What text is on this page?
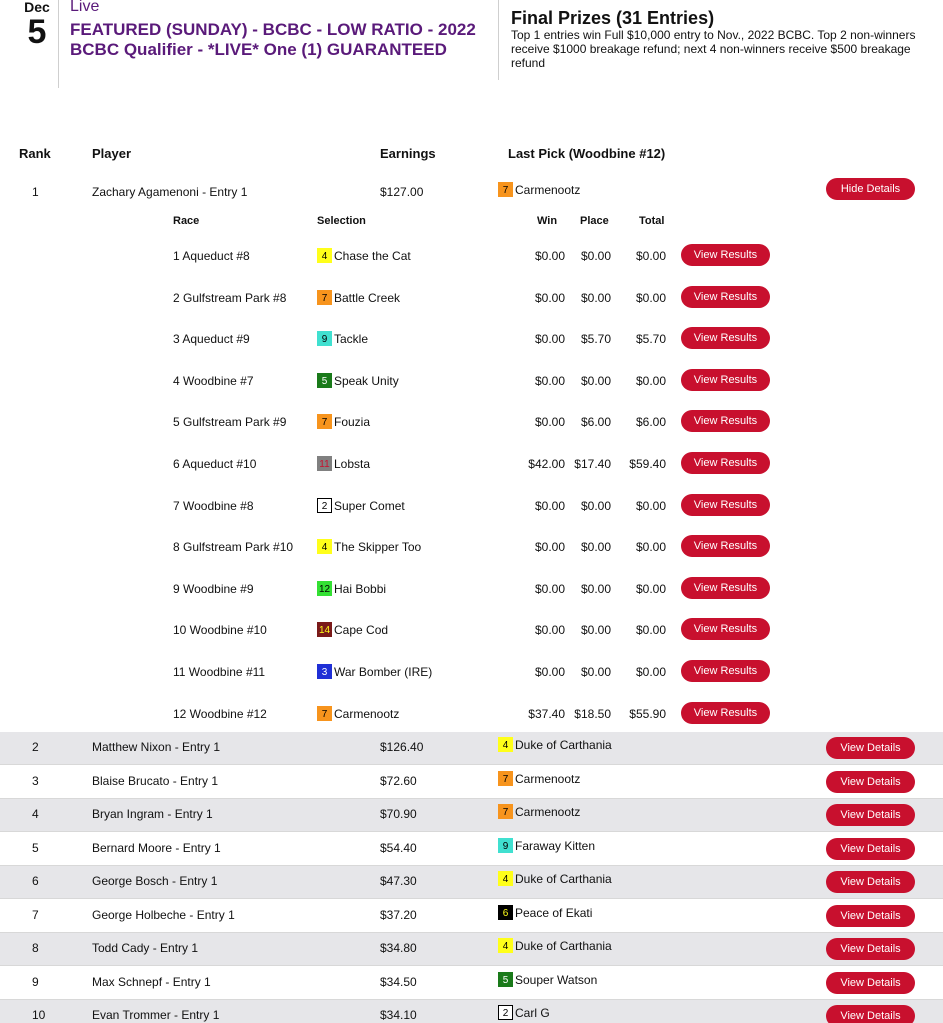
Dec
5
Live
FEATURED (SUNDAY) - BCBC - LOW RATIO - 2022 BCBC Qualifier - *LIVE* One (1) GUARANTEED
Final Prizes (31 Entries)
Top 1 entries win Full $10,000 entry to Nov., 2022 BCBC. Top 2 non-winners receive $1000 breakage refund; next 4 non-winners receive $500 breakage refund
Rank	Player	Earnings	Last Pick (Woodbine #12)
1	Zachary Agamenoni - Entry 1	$127.00	7 Carmenootz	Hide Details
Race	Selection	Win Place	Total
1 Aqueduct #8	4 Chase the Cat	$0.00	$0.00	$0.00	View Results
2 Gulfstream Park #8	7 Battle Creek	$0.00	$0.00	$0.00	View Results
3 Aqueduct #9	9 Tackle	$0.00	$5.70	$5.70	View Results
4 Woodbine #7	5 Speak Unity	$0.00	$0.00	$0.00	View Results
5 Gulfstream Park #9	7 Fouzia	$0.00	$6.00	$6.00	View Results
6 Aqueduct #10	11 Lobsta	$42.00 $17.40	$59.40	View Results
7 Woodbine #8	2 Super Comet	$0.00	$0.00	$0.00	View Results
8 Gulfstream Park #10	4 The Skipper Too	$0.00	$0.00	$0.00	View Results
9 Woodbine #9	12 Hai Bobbi	$0.00	$0.00	$0.00	View Results
10 Woodbine #10	14 Cape Cod	$0.00	$0.00	$0.00	View Results
11 Woodbine #11	3 War Bomber (IRE)	$0.00	$0.00	$0.00	View Results
12 Woodbine #12	7 Carmenootz	$37.40 $18.50	$55.90	View Results
2	Matthew Nixon - Entry 1	$126.40	4 Duke of Carthania	View Details
3	Blaise Brucato - Entry 1	$72.60	7 Carmenootz	View Details
4	Bryan Ingram - Entry 1	$70.90	7 Carmenootz	View Details
5	Bernard Moore - Entry 1	$54.40	9 Faraway Kitten	View Details
6	George Bosch - Entry 1	$47.30	4 Duke of Carthania	View Details
7	George Holbeche - Entry 1	$37.20	6 Peace of Ekati	View Details
8	Todd Cady - Entry 1	$34.80	4 Duke of Carthania	View Details
9	Max Schnepf - Entry 1	$34.50	5 Souper Watson	View Details
10	Evan Trommer - Entry 1	$34.10	2 Carl G	View Details
